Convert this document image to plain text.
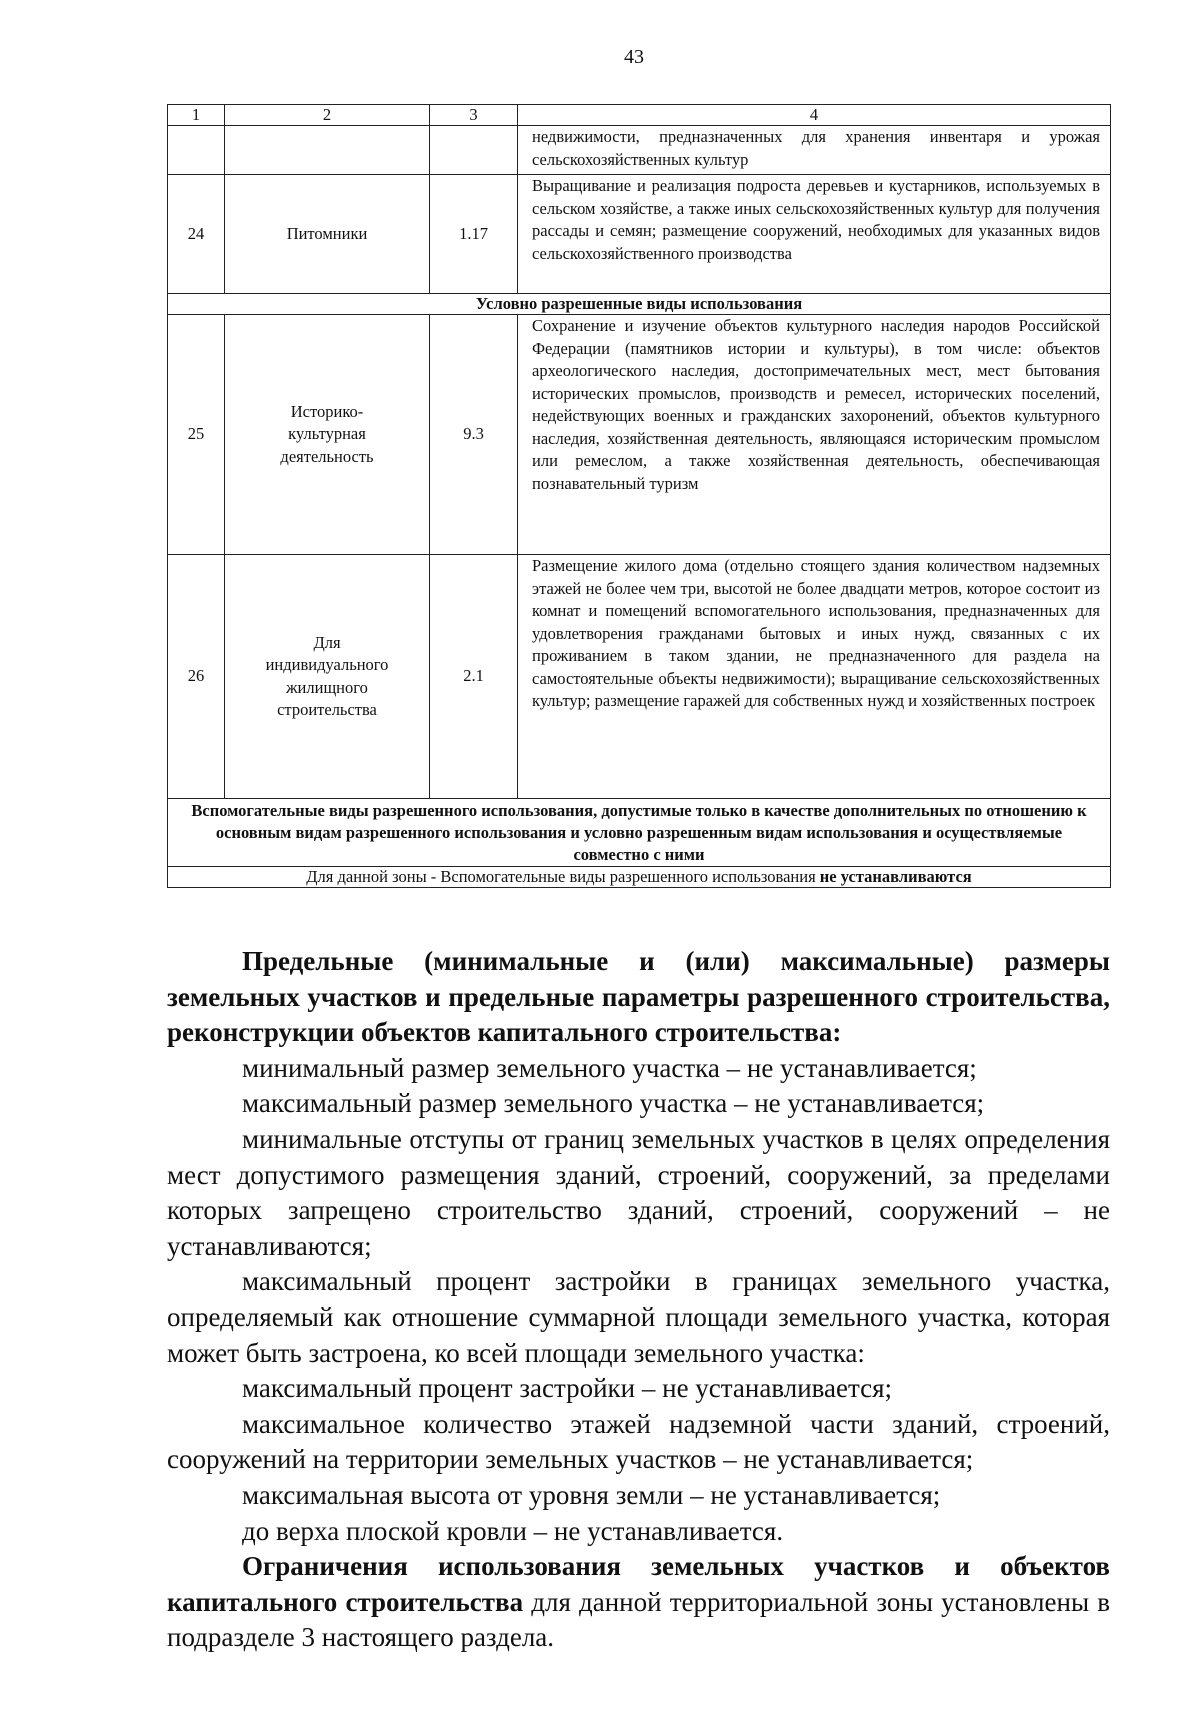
43
1	2	3	4
			недвижимости, предназначенных для хранения инвентаря и урожая сельскохозяйственных культур
24	Питомники	1.17	Выращивание и реализация подроста деревьев и кустарников, используемых в сельском хозяйстве, а также иных сельскохозяйственных культур для получения рассады и семян; размещение сооружений, необходимых для указанных видов сельскохозяйственного производства
Условно разрешенные виды использования			
25	Историко-культурная деятельность	9.3	Сохранение и изучение объектов культурного наследия народов Российской Федерации (памятников истории и культуры), в том числе: объектов археологического наследия, достопримечательных мест, мест бытования исторических промыслов, производств и ремесел, исторических поселений, недействующих военных и гражданских захоронений, объектов культурного наследия, хозяйственная деятельность, являющаяся историческим промыслом или ремеслом, а также хозяйственная деятельность, обеспечивающая познавательный туризм
26	Для индивидуального жилищного строительства	2.1	Размещение жилого дома (отдельно стоящего здания количеством надземных этажей не более чем три, высотой не более двадцати метров, которое состоит из комнат и помещений вспомогательного использования, предназначенных для удовлетворения гражданами бытовых и иных нужд, связанных с их проживанием в таком здании, не предназначенного для раздела на самостоятельные объекты недвижимости); выращивание сельскохозяйственных культур; размещение гаражей для собственных нужд и хозяйственных построек
Вспомогательные виды разрешенного использования, допустимые только в качестве дополнительных по отношению к основным видам разрешенного использования и условно разрешенным видам использования и осуществляемые совместно с ними			
Для данной зоны - Вспомогательные виды разрешенного использования не устанавливаются			

Предельные (минимальные и (или) максимальные) размеры земельных участков и предельные параметры разрешенного строительства, реконструкции объектов капитального строительства:

минимальный размер земельного участка – не устанавливается;

максимальный размер земельного участка – не устанавливается;

минимальные отступы от границ земельных участков в целях определения мест допустимого размещения зданий, строений, сооружений, за пределами которых запрещено строительство зданий, строений, сооружений – не устанавливаются;

максимальный процент застройки в границах земельного участка, определяемый как отношение суммарной площади земельного участка, которая может быть застроена, ко всей площади земельного участка:

максимальный процент застройки – не устанавливается;

максимальное количество этажей надземной части зданий, строений, сооружений на территории земельных участков – не устанавливается;

максимальная высота от уровня земли – не устанавливается;

до верха плоской кровли – не устанавливается.

Ограничения использования земельных участков и объектов капитального строительства для данной территориальной зоны установлены в подразделе 3 настоящего раздела.
